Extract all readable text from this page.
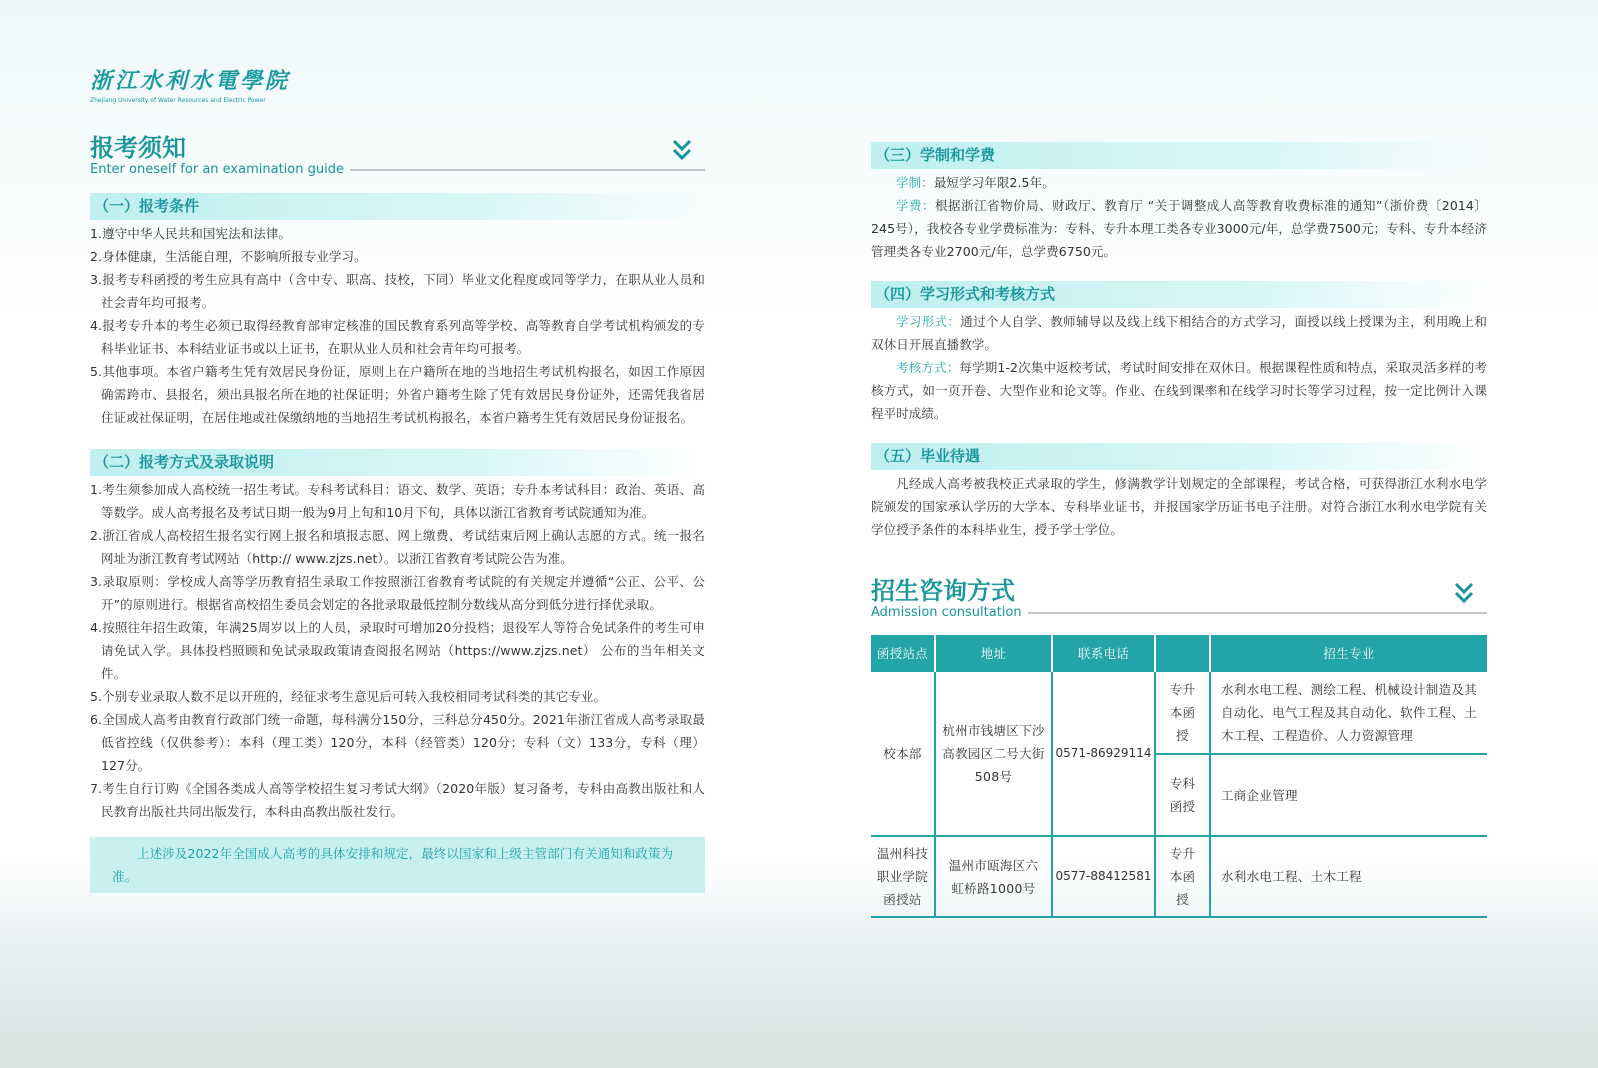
浙江水利水電學院
Zhejiang University of Water Resources and Electric Power
报考须知
Enter oneself for an examination guide
（一）报考条件
1.遵守中华人民共和国宪法和法律。
2.身体健康，生活能自理，不影响所报专业学习。
3.报考专科函授的考生应具有高中（含中专、职高、技校，下同）毕业文化程度或同等学力，在职从业人员和社会青年均可报考。
4.报考专升本的考生必须已取得经教育部审定核准的国民教育系列高等学校、高等教育自学考试机构颁发的专科毕业证书、本科结业证书或以上证书，在职从业人员和社会青年均可报考。
5.其他事项。本省户籍考生凭有效居民身份证，原则上在户籍所在地的当地招生考试机构报名，如因工作原因确需跨市、县报名，须出具报名所在地的社保证明；外省户籍考生除了凭有效居民身份证外，还需凭我省居住证或社保证明，在居住地或社保缴纳地的当地招生考试机构报名，本省户籍考生凭有效居民身份证报名。
（二）报考方式及录取说明
1.考生须参加成人高校统一招生考试。专科考试科目：语文、数学、英语；专升本考试科目：政治、英语、高等数学。成人高考报名及考试日期一般为9月上旬和10月下旬，具体以浙江省教育考试院通知为准。
2.浙江省成人高校招生报名实行网上报名和填报志愿、网上缴费、考试结束后网上确认志愿的方式。统一报名网址为浙江教育考试网站（http:// www.zjzs.net）。以浙江省教育考试院公告为准。
3.录取原则：学校成人高等学历教育招生录取工作按照浙江省教育考试院的有关规定并遵循“公正、公平、公开”的原则进行。根据省高校招生委员会划定的各批录取最低控制分数线从高分到低分进行择优录取。
4.按照往年招生政策，年满25周岁以上的人员，录取时可增加20分投档；退役军人等符合免试条件的考生可申请免试入学。具体投档照顾和免试录取政策请查阅报名网站（https://www.zjzs.net） 公布的当年相关文件。
5.个别专业录取人数不足以开班的，经征求考生意见后可转入我校相同考试科类的其它专业。
6.全国成人高考由教育行政部门统一命题，每科满分150分，三科总分450分。2021年浙江省成人高考录取最低省控线（仅供参考）：本科（理工类）120分，本科（经管类）120分；专科（文）133分，专科（理）127分。
7.考生自行订购《全国各类成人高等学校招生复习考试大纲》（2020年版）复习备考，专科由高教出版社和人民教育出版社共同出版发行，本科由高教出版社发行。
上述涉及2022年全国成人高考的具体安排和规定，最终以国家和上级主管部门有关通知和政策为准。
（三）学制和学费
学制：最短学习年限2.5年。
学费：根据浙江省物价局、财政厅、教育厅 “关于调整成人高等教育收费标准的通知”（浙价费〔2014〕245号），我校各专业学费标准为：专科、专升本理工类各专业3000元/年，总学费7500元；专科、专升本经济管理类各专业2700元/年，总学费6750元。
（四）学习形式和考核方式
学习形式：通过个人自学、教师辅导以及线上线下相结合的方式学习，面授以线上授课为主，利用晚上和双休日开展直播教学。
考核方式：每学期1-2次集中返校考试，考试时间安排在双休日。根据课程性质和特点，采取灵活多样的考核方式，如一页开卷、大型作业和论文等。作业、在线到课率和在线学习时长等学习过程，按一定比例计入课程平时成绩。
（五）毕业待遇
凡经成人高考被我校正式录取的学生，修满教学计划规定的全部课程，考试合格，可获得浙江水利水电学院颁发的国家承认学历的大学本、专科毕业证书，并报国家学历证书电子注册。对符合浙江水利水电学院有关学位授予条件的本科毕业生，授予学士学位。
招生咨询方式
Admission consultation
函授站点	地址	联系电话		招生专业
校本部	杭州市钱塘区下沙高教园区二号大街508号	0571-86929114	专升本函授	水利水电工程、测绘工程、机械设计制造及其自动化、电气工程及其自动化、软件工程、土木工程、工程造价、人力资源管理
			专科函授	工商企业管理
温州科技职业学院函授站	温州市瓯海区六虹桥路1000号	0577-88412581	专升本函授	水利水电工程、土木工程
